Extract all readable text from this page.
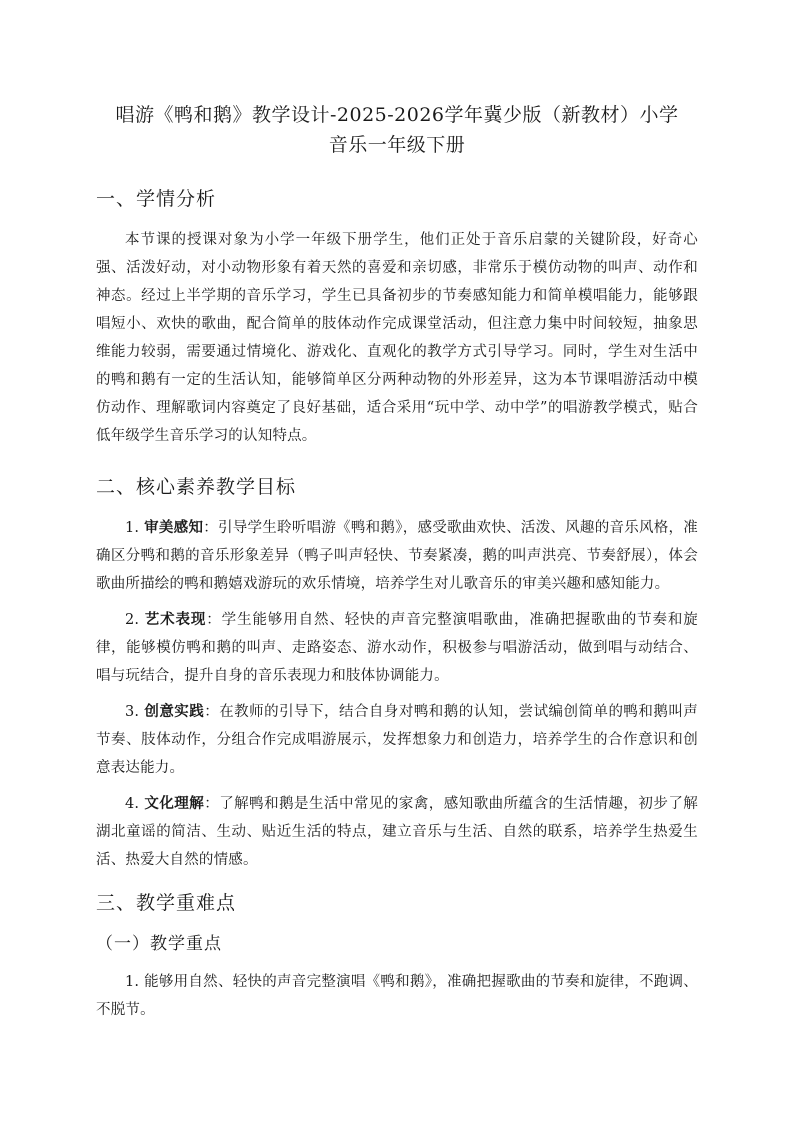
唱游《鸭和鹅》教学设计-2025-2026学年冀少版（新教材）小学
音乐一年级下册
一、学情分析

本节课的授课对象为小学一年级下册学生，他们正处于音乐启蒙的关键阶段，好奇心强、活泼好动，对小动物形象有着天然的喜爱和亲切感，非常乐于模仿动物的叫声、动作和神态。经过上半学期的音乐学习，学生已具备初步的节奏感知能力和简单模唱能力，能够跟唱短小、欢快的歌曲，配合简单的肢体动作完成课堂活动，但注意力集中时间较短，抽象思维能力较弱，需要通过情境化、游戏化、直观化的教学方式引导学习。同时，学生对生活中的鸭和鹅有一定的生活认知，能够简单区分两种动物的外形差异，这为本节课唱游活动中模仿动作、理解歌词内容奠定了良好基础，适合采用“玩中学、动中学”的唱游教学模式，贴合低年级学生音乐学习的认知特点。

二、核心素养教学目标

1. 审美感知：引导学生聆听唱游《鸭和鹅》，感受歌曲欢快、活泼、风趣的音乐风格，准确区分鸭和鹅的音乐形象差异（鸭子叫声轻快、节奏紧凑，鹅的叫声洪亮、节奏舒展），体会歌曲所描绘的鸭和鹅嬉戏游玩的欢乐情境，培养学生对儿歌音乐的审美兴趣和感知能力。

2. 艺术表现：学生能够用自然、轻快的声音完整演唱歌曲，准确把握歌曲的节奏和旋律，能够模仿鸭和鹅的叫声、走路姿态、游水动作，积极参与唱游活动，做到唱与动结合、唱与玩结合，提升自身的音乐表现力和肢体协调能力。

3. 创意实践：在教师的引导下，结合自身对鸭和鹅的认知，尝试编创简单的鸭和鹅叫声节奏、肢体动作，分组合作完成唱游展示，发挥想象力和创造力，培养学生的合作意识和创意表达能力。

4. 文化理解：了解鸭和鹅是生活中常见的家禽，感知歌曲所蕴含的生活情趣，初步了解湖北童谣的简洁、生动、贴近生活的特点，建立音乐与生活、自然的联系，培养学生热爱生活、热爱大自然的情感。

三、教学重难点
（一）教学重点

1. 能够用自然、轻快的声音完整演唱《鸭和鹅》，准确把握歌曲的节奏和旋律，不跑调、不脱节。
